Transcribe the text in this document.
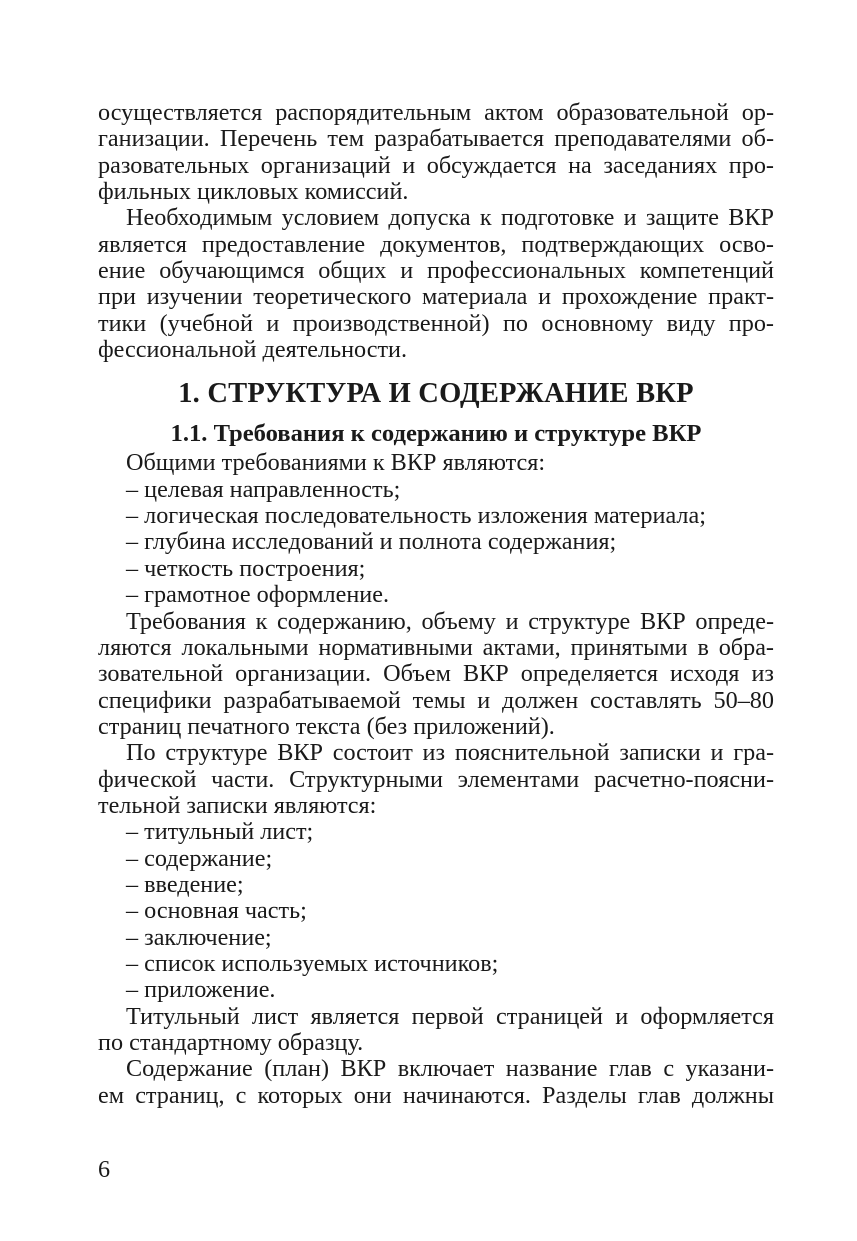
осуществляется распорядительным актом образовательной ор-
ганизации. Перечень тем разрабатывается преподавателями об-
разовательных организаций и обсуждается на заседаниях про-
фильных цикловых комиссий.
Необходимым условием допуска к подготовке и защите ВКР
является предоставление документов, подтверждающих осво-
ение обучающимся общих и профессиональных компетенций
при изучении теоретического материала и прохождение практ-
тики (учебной и производственной) по основному виду про-
фессиональной деятельности.
1. СТРУКТУРА И СОДЕРЖАНИЕ ВКР
1.1. Требования к содержанию и структуре ВКР
Общими требованиями к ВКР являются:
– целевая направленность;
– логическая последовательность изложения материала;
– глубина исследований и полнота содержания;
– четкость построения;
– грамотное оформление.
Требования к содержанию, объему и структуре ВКР опреде-
ляются локальными нормативными актами, принятыми в обра-
зовательной организации. Объем ВКР определяется исходя из
специфики разрабатываемой темы и должен составлять 50–80
страниц печатного текста (без приложений).
По структуре ВКР состоит из пояснительной записки и гра-
фической части. Структурными элементами расчетно-поясни-
тельной записки являются:
– титульный лист;
– содержание;
– введение;
– основная часть;
– заключение;
– список используемых источников;
– приложение.
Титульный лист является первой страницей и оформляется
по стандартному образцу.
Содержание (план) ВКР включает название глав с указани-
ем страниц, с которых они начинаются. Разделы глав должны
6
